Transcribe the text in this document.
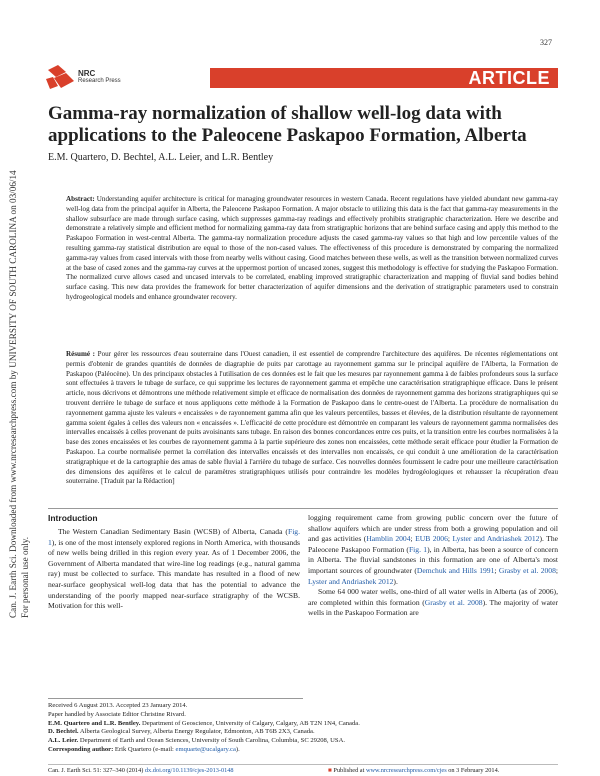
Can. J. Earth Sci. Downloaded from www.nrcresearchpress.com by UNIVERSITY OF SOUTH CAROLINA on 03/06/14 For personal use only.
327
NRC
Research Press	ARTICLE
Gamma-ray normalization of shallow well-log data with applications to the Paleocene Paskapoo Formation, Alberta
E.M. Quartero, D. Bechtel, A.L. Leier, and L.R. Bentley
Abstract: Understanding aquifer architecture is critical for managing groundwater resources in western Canada. Recent regulations have yielded abundant new gamma-ray well-log data from the principal aquifer in Alberta, the Paleocene Paskapoo Formation. A major obstacle to utilizing this data is the fact that gamma-ray measurements in the shallow subsurface are made through surface casing, which suppresses gamma-ray readings and effectively prohibits stratigraphic characterization. Here we describe and demonstrate a relatively simple and efficient method for normalizing gamma-ray data from stratigraphic horizons that are behind surface casing and apply this method to the Paskapoo Formation in west-central Alberta. The gamma-ray normalization procedure adjusts the cased gamma-ray values so that high and low percentile values of the resulting gamma-ray statistical distribution are equal to those of the non-cased values. The effectiveness of this procedure is demonstrated by comparing the normalized gamma-ray values from cased intervals with those from nearby wells without casing. Good matches between these wells, as well as the transition between normalized curves at the base of cased zones and the gamma-ray curves at the uppermost portion of uncased zones, suggest this methodology is effective for studying the Paskapoo Formation. The normalized curve allows cased and uncased intervals to be correlated, enabling improved stratigraphic characterization and mapping of fluvial sand bodies behind surface casing. This new data provides the framework for better characterization of aquifer dimensions and the derivation of stratigraphic parameters used to constrain hydrogeological models and enhance groundwater recovery.
Résumé : Pour gérer les ressources d'eau souterraine dans l'Ouest canadien, il est essentiel de comprendre l'architecture des aquifères. De récentes réglementations ont permis d'obtenir de grandes quantités de données de diagraphie de puits par carottage au rayonnement gamma sur le principal aquifère de l'Alberta, la Formation de Paskapoo (Paléocène). Un des principaux obstacles à l'utilisation de ces données est le fait que les mesures par rayonnement gamma à de faibles profondeurs sous la surface sont effectuées à travers le tubage de surface, ce qui supprime les lectures de rayonnement gamma et empêche une caractérisation stratigraphique efficace. Dans le présent article, nous décrivons et démontrons une méthode relativement simple et efficace de normalisation des données de rayonnement gamma des horizons stratigraphiques qui se trouvent derrière le tubage de surface et nous appliquons cette méthode à la Formation de Paskapoo dans le centre-ouest de l'Alberta. La procédure de normalisation du rayonnement gamma ajuste les valeurs « encaissées » de rayonnement gamma afin que les valeurs percentiles, basses et élevées, de la distribution résultante de rayonnement gamma soient égales à celles des valeurs non « encaissées ». L'efficacité de cette procédure est démontrée en comparant les valeurs de rayonnement gamma normalisées des intervalles encaissés à celles provenant de puits avoisinants sans tubage. En raison des bonnes concordances entre ces puits, et la transition entre les courbes normalisées à la base des zones encaissées et les courbes de rayonnement gamma à la partie supérieure des zones non encaissées, cette méthode serait efficace pour étudier la Formation de Paskapoo. La courbe normalisée permet la corrélation des intervalles encaissés et des intervalles non encaissés, ce qui conduit à une amélioration de la caractérisation stratigraphique et de la cartographie des amas de sable fluvial à l'arrière du tubage de surface. Ces nouvelles données fournissent le cadre pour une meilleure caractérisation des dimensions des aquifères et le calcul de paramètres stratigraphiques utilisés pour contraindre les modèles hydrogéologiques et rehausser la récupération d'eau souterraine. [Traduit par la Rédaction]
Introduction

The Western Canadian Sedimentary Basin (WCSB) of Alberta, Canada (Fig. 1), is one of the most intensely explored regions in North America, with thousands of new wells being drilled in this region every year. As of 1 December 2006, the Government of Alberta mandated that wire-line log readings (e.g., natural gamma ray) must be collected to surface. This mandate has resulted in a flood of new near-surface geophysical well-log data that has the potential to advance the understanding of the poorly mapped near-surface stratigraphy of the WCSB. Motivation for this well-

logging requirement came from growing public concern over the future of shallow aquifers which are under stress from both a growing population and oil and gas activities (Hamblin 2004; EUB 2006; Lyster and Andriashek 2012). The Paleocene Paskapoo Formation (Fig. 1), in Alberta, has been a source of concern in Alberta. The fluvial sandstones in this formation are one of Alberta's most important sources of groundwater (Demchuk and Hills 1991; Grasby et al. 2008; Lyster and Andriashek 2012).

Some 64 000 water wells, one-third of all water wells in Alberta (as of 2006), are completed within this formation (Grasby et al. 2008). The majority of water wells in the Paskapoo Formation are

Received 6 August 2013. Accepted 23 January 2014.
Paper handled by Associate Editor Christine Rivard.
E.M. Quartero and L.R. Bentley. Department of Geoscience, University of Calgary, Calgary, AB T2N 1N4, Canada.
D. Bechtel. Alberta Geological Survey, Alberta Energy Regulator, Edmonton, AB T6B 2X3, Canada.
A.L. Leier. Department of Earth and Ocean Sciences, University of South Carolina, Columbia, SC 29208, USA.
Corresponding author: Erik Quartero (e-mail: emquarte@ucalgary.ca).
Can. J. Earth Sci. 51: 327–340 (2014) dx.doi.org/10.1139/cjes-2013-0148	■ Published at www.nrcresearchpress.com/cjes on 3 February 2014.
